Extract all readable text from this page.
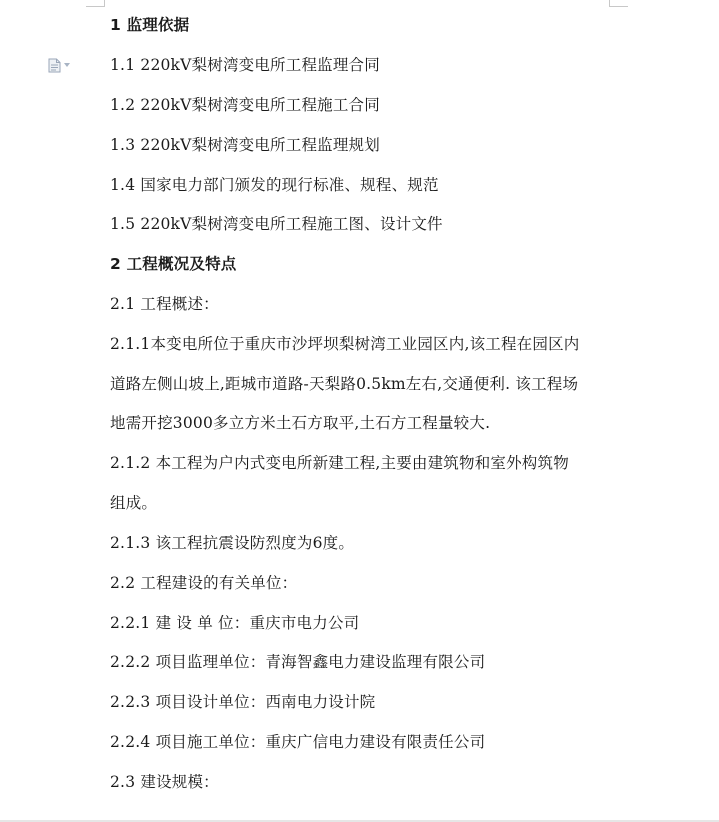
1 监理依据
1.1 220kV梨树湾变电所工程监理合同
1.2 220kV梨树湾变电所工程施工合同
1.3 220kV梨树湾变电所工程监理规划
1.4 国家电力部门颁发的现行标准、规程、规范
1.5 220kV梨树湾变电所工程施工图、设计文件
2 工程概况及特点
2.1 工程概述：
2.1.1本变电所位于重庆市沙坪坝梨树湾工业园区内,该工程在园区内
道路左侧山坡上,距城市道路-天梨路0.5km左右,交通便利. 该工程场
地需开挖3000多立方米土石方取平,土石方工程量较大.
2.1.2 本工程为户内式变电所新建工程,主要由建筑物和室外构筑物
组成。
2.1.3 该工程抗震设防烈度为6度。
2.2 工程建设的有关单位：
2.2.1 建 设 单 位：重庆市电力公司
2.2.2 项目监理单位：青海智鑫电力建设监理有限公司
2.2.3 项目设计单位：西南电力设计院
2.2.4 项目施工单位：重庆广信电力建设有限责任公司
2.3 建设规模：
